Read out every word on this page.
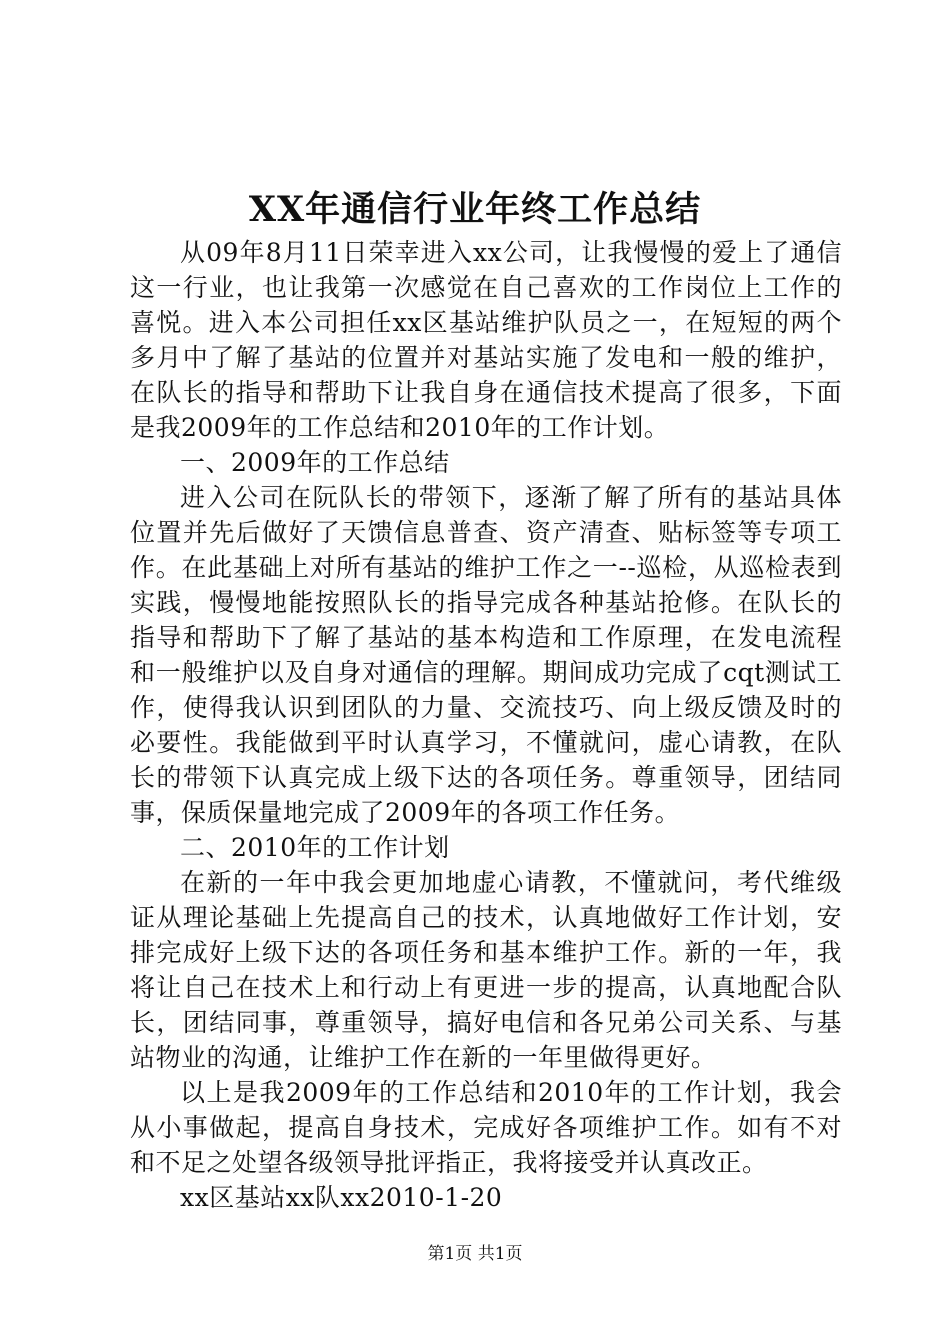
XX年通信行业年终工作总结

从09年8月11日荣幸进入xx公司，让我慢慢的爱上了通信这一行业，也让我第一次感觉在自己喜欢的工作岗位上工作的喜悦。进入本公司担任xx区基站维护队员之一，在短短的两个多月中了解了基站的位置并对基站实施了发电和一般的维护，在队长的指导和帮助下让我自身在通信技术提高了很多，下面是我2009年的工作总结和2010年的工作计划。

一、2009年的工作总结

进入公司在阮队长的带领下，逐渐了解了所有的基站具体位置并先后做好了天馈信息普查、资产清查、贴标签等专项工作。在此基础上对所有基站的维护工作之一--巡检，从巡检表到实践，慢慢地能按照队长的指导完成各种基站抢修。在队长的指导和帮助下了解了基站的基本构造和工作原理，在发电流程和一般维护以及自身对通信的理解。期间成功完成了cqt测试工作，使得我认识到团队的力量、交流技巧、向上级反馈及时的必要性。我能做到平时认真学习，不懂就问，虚心请教，在队长的带领下认真完成上级下达的各项任务。尊重领导，团结同事，保质保量地完成了2009年的各项工作任务。

二、2010年的工作计划

在新的一年中我会更加地虚心请教，不懂就问，考代维级证从理论基础上先提高自己的技术，认真地做好工作计划，安排完成好上级下达的各项任务和基本维护工作。新的一年，我将让自己在技术上和行动上有更进一步的提高，认真地配合队长，团结同事，尊重领导，搞好电信和各兄弟公司关系、与基站物业的沟通，让维护工作在新的一年里做得更好。

以上是我2009年的工作总结和2010年的工作计划，我会从小事做起，提高自身技术，完成好各项维护工作。如有不对和不足之处望各级领导批评指正，我将接受并认真改正。

xx区基站xx队xx2010-1-20

第1页 共1页
